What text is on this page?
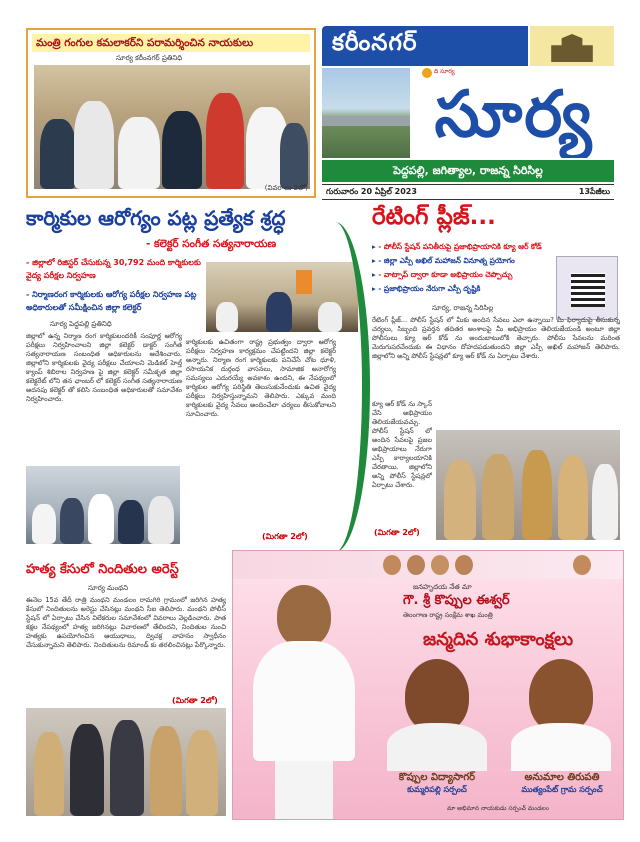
మంత్రి గంగుల కమలాకర్‌ని పరామర్శించిన నాయకులు
సూర్య కరీంనగర్ ప్రతినిధి
(వివరాలు 2లో)
కరీంనగర్
ది సూర్య
సూర్య
పెద్దపల్లి, జగిత్యాల, రాజన్న సిరిసిల్ల
గురువారం 20 ఏప్రిల్ 2023	13పేజీలు
కార్మికుల ఆరోగ్యం పట్ల ప్రత్యేక శ్రద్ధ
- కలెక్టర్ సంగీత సత్యనారాయణ
- జిల్లాలో రిజిస్టర్ చేసుకున్న 30,792 మంది కార్మికులకు వైద్య పరీక్షల నిర్వహణ
- నిర్మాణరంగ కార్మికులకు ఆరోగ్య పరీక్షల నిర్వహణ పట్ల అధికారులతో సమీక్షించిన జిల్లా కలెక్టర్
సూర్య పెద్దపల్లి ప్రతినిధి
జిల్లాలో ఉన్న నిర్మాణ రంగ కార్మికులందరికీ సంపూర్ణ ఆరోగ్య పరీక్షలు నిర్వహించాలని జిల్లా కలెక్టర్ డాక్టర్ సంగీత సత్యనారాయణ సంబంధిత అధికారులను ఆదేశించారు. జిల్లాలోని కార్మికులకు వైద్య పరీక్షలు చేయాలని మెడికల్ హెల్త్ క్యాంప్ శిబిరాల నిర్వహణ పై జిల్లా కలెక్టర్ సమీకృత జిల్లా కలెక్టరేట్ లోని తన ఛాంబర్ లో కలెక్టర్ సంగీత సత్యనారాయణ అదనపు కలెక్టర్ తో కలిసి సంబంధిత అధికారులతో సమావేశం నిర్వహించారు.
కార్మికులకు ఉచితంగా రాష్ట్ర ప్రభుత్వం ద్వారా ఆరోగ్య పరీక్షలు నిర్వహణ కార్యక్రమం చేపట్టిందని జిల్లా కలెక్టర్ అన్నారు. నిర్మాణ రంగ కార్మికులకు పనిచేసే చోట ధూళి, రసాయనిక దుర్గంధ వాసనలు, సామాజిక అనారోగ్య సమస్యలు ఎదురయ్యే అవకాశం ఉందని, ఈ నేపథ్యంలో కార్మికుల ఆరోగ్య పరిస్థితి తెలుసుకునేందుకు ఉచిత వైద్య పరీక్షలు నిర్వహిస్తున్నామని తెలిపారు. ఎక్కువ మంది కార్మికులకు వైద్య సేవలు అందించేలా చర్యలు తీసుకోవాలని సూచించారు.
(మిగతా 2లో)
రేటింగ్ ప్లీజ్...
▸ - పోలీస్ స్టేషన్ పనితీరుపై ప్రజాభిప్రాయానికి క్యూ ఆర్ కోడ్
▸ - జిల్లా ఎస్పీ అఖిల్ మహాజన్ వినూత్న ప్రయోగం
▸ - వాట్సాప్ ద్వారా కూడా అభిప్రాయం చెప్పొచ్చు
▸ - ప్రజాభిప్రాయం నేరుగా ఎస్పీ దృష్టికి
సూర్య, రాజన్న సిరిసిల్ల
రేటింగ్ ప్లీజ్... పోలీస్ స్టేషన్ లో మీకు అందిన సేవలు ఎలా ఉన్నాయి? మీ ఫిర్యాదుపై తీసుకున్న చర్యలు, సిబ్బంది ప్రవర్తన తదితర అంశాలపై మీ అభిప్రాయం తెలియజేయండి అంటూ జిల్లా పోలీసులు క్యూ ఆర్ కోడ్ ను అందుబాటులోకి తెచ్చారు. పోలీసు సేవలను మరింత మెరుగుపరచేందుకు ఈ విధానం దోహదపడుతుందని జిల్లా ఎస్పీ అఖిల్ మహాజన్ తెలిపారు. జిల్లాలోని అన్ని పోలీస్ స్టేషన్లలో క్యూ ఆర్ కోడ్ ను ఏర్పాటు చేశారు.
క్యూ ఆర్ కోడ్ ను స్కాన్ చేసి అభిప్రాయం తెలియజేయవచ్చు. పోలీస్ స్టేషన్ లో అందిన సేవలపై ప్రజల అభిప్రాయాలు నేరుగా ఎస్పీ కార్యాలయానికి చేరతాయి. జిల్లాలోని అన్ని పోలీస్ స్టేషన్లలో ఏర్పాటు చేశారు.
(మిగతా 2లో)
హత్య కేసులో నిందితుల అరెస్ట్
సూర్య మంథని
ఈనెల 15వ తేదీ రాత్రి మంథని మండలం రామగిరి గ్రామంలో జరిగిన హత్య కేసులో నిందితులను అరెస్టు చేసినట్లు మంథని సీఐ తెలిపారు. మంథని పోలీస్ స్టేషన్ లో ఏర్పాటు చేసిన విలేకరుల సమావేశంలో వివరాలు వెల్లడించారు. పాత కక్షల నేపథ్యంలో హత్య జరిగినట్లు విచారణలో తేలిందని, నిందితుల నుంచి హత్యకు ఉపయోగించిన ఆయుధాలు, ద్విచక్ర వాహనం స్వాధీనం చేసుకున్నామని తెలిపారు. నిందితులను రిమాండ్ కు తరలించినట్లు పేర్కొన్నారు.
(మిగతా 2లో)
జనహృదయ నేత మా
గౌ. శ్రీ కొప్పుల ఈశ్వర్
తెలంగాణ రాష్ట్ర సంక్షేమ శాఖ మంత్రి
జన్మదిన శుభాకాంక్షలు
కొప్పుల విద్యాసాగర్
కుమ్మరిపల్లి సర్పంచ్
అనుమాల తిరుపతి
ముత్యంపేట్ గ్రామ సర్పంచ్
మా అభిమాన నాయకుడు సర్పంచ్ మండలం
